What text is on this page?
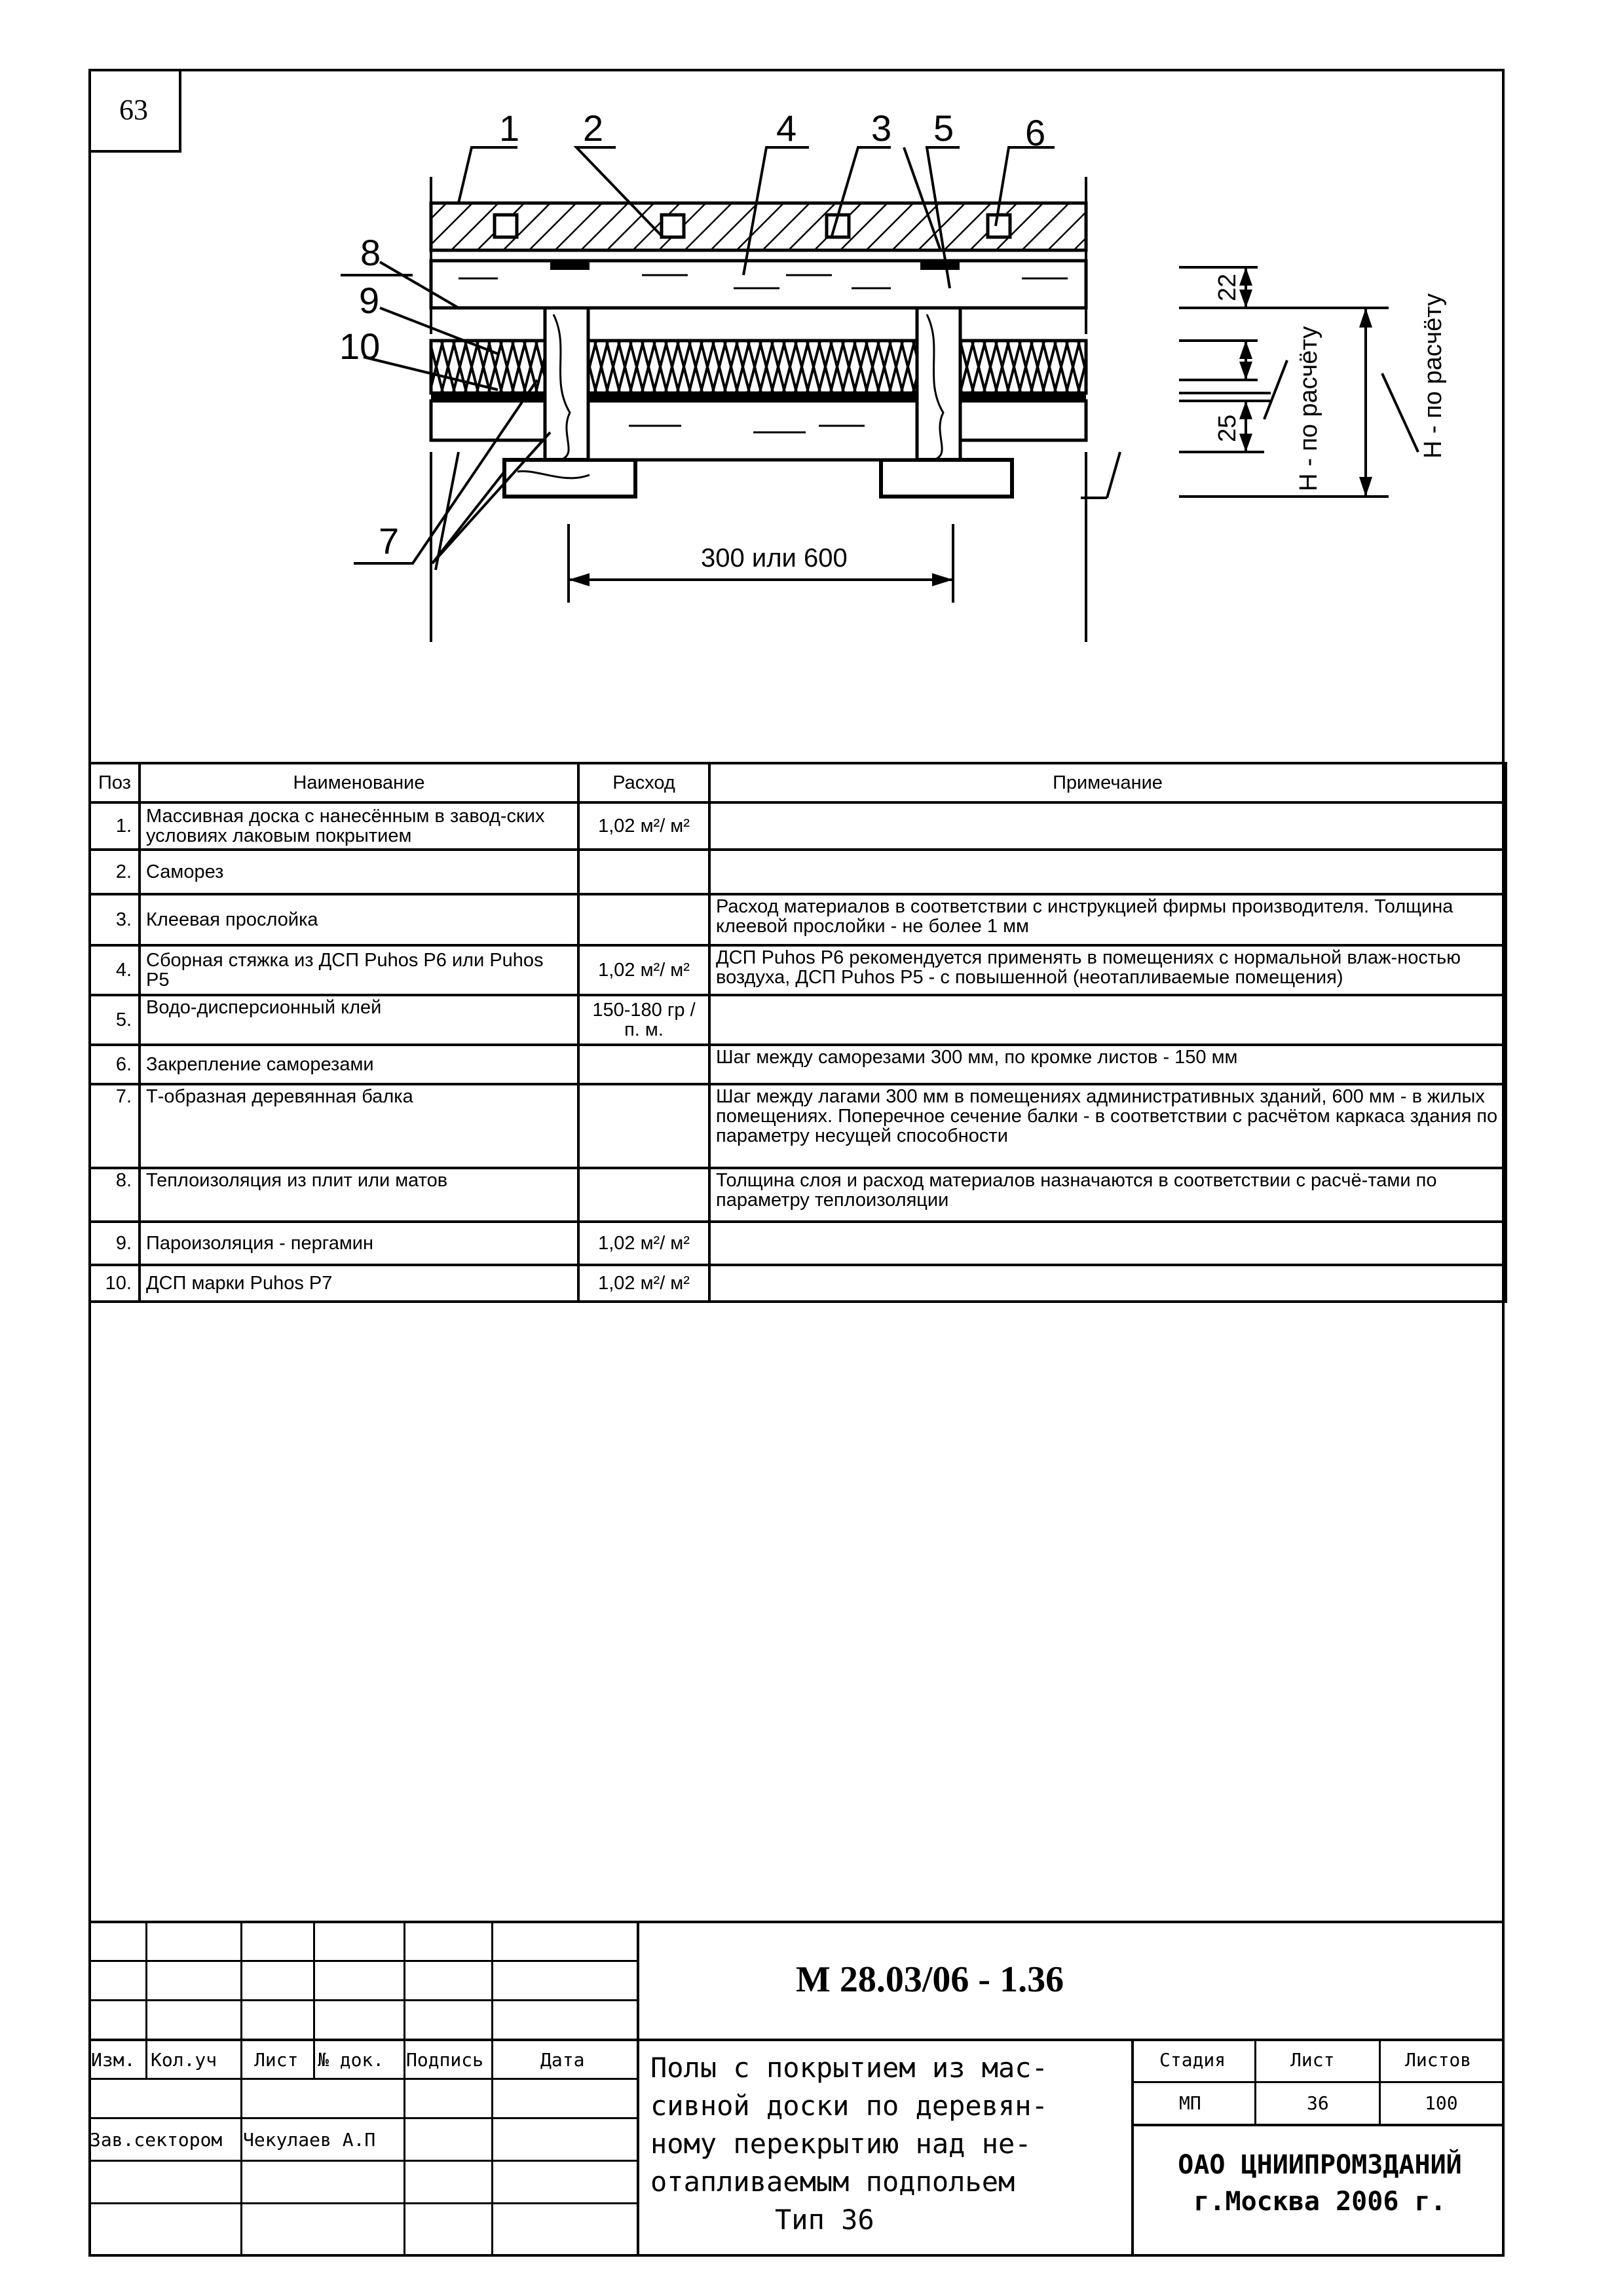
63	1 2	4 3 5 6
8
9
10
7	300 или 600
22
25 Н - по расчёту	Н - по расчёту
Поз	Наименование	Расход	Примечание
1.	Массивная доска с нанесённым в завод-ских условиях лаковым покрытием	1,02 м²/ м²	
2.	Саморез		
3.	Клеевая прослойка		Расход материалов в соответствии с инструкцией фирмы производителя. Толщина клеевой прослойки - не более 1 мм
4.	Сборная стяжка из ДСП Puhos P6 или Puhos P5	1,02 м²/ м²	ДСП Puhos P6 рекомендуется применять в помещениях с нормальной влаж-ностью воздуха, ДСП Puhos P5 - с повышенной (неотапливаемые помещения)
5.	Водо-дисперсионный клей	150-180 гр /п. м.	
6.	Закрепление саморезами		Шаг между саморезами 300 мм, по кромке листов - 150 мм
7.	Т-образная деревянная балка		Шаг между лагами 300 мм в помещениях административных зданий, 600 мм - в жилых помещениях. Поперечное сечение балки - в соответствии с расчётом каркаса здания по параметру несущей способности
8.	Теплоизоляция из плит или матов		Толщина слоя и расход материалов назначаются в соответствии с расчё-тами по параметру теплоизоляции
9.	Пароизоляция - пергамин	1,02 м²/ м²	
10.	ДСП марки Puhos P7	1,02 м²/ м²	
Изм. Кол.уч Лист № док. Подпись	Дата
Зав.сектором Чекулаев А.П
М 28.03/06 - 1.36
Полы с покрытием из мас-
сивной доски по деревян-
ному перекрытию над не-
отапливаемым подпольем
Тип 36
Стадия	Лист	Листов
МП	36	100
ОАО ЦНИИПРОМЗДАНИЙ
г.Москва 2006 г.
